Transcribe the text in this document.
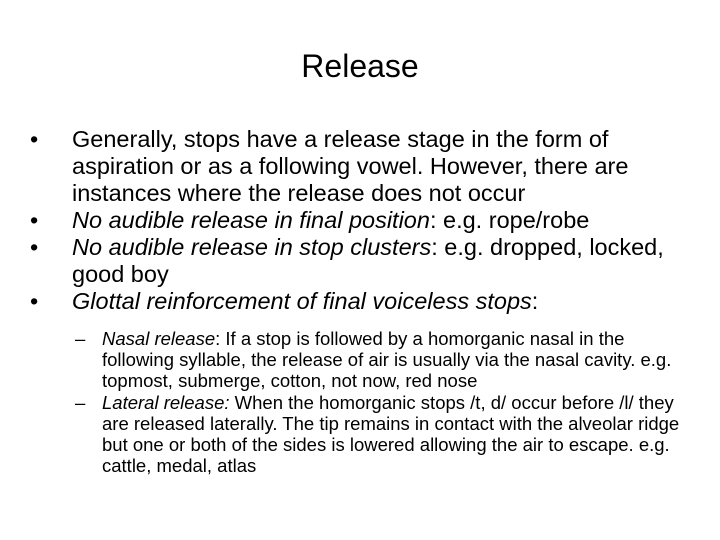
Release
• Generally, stops have a release stage in the form of aspiration or as a following vowel. However, there are instances where the release does not occur
• No audible release in final position: e.g. rope/robe
• No audible release in stop clusters: e.g. dropped, locked, good boy
• Glottal reinforcement of final voiceless stops:
– Nasal release: If a stop is followed by a homorganic nasal in the following syllable, the release of air is usually via the nasal cavity. e.g. topmost, submerge, cotton, not now, red nose
– Lateral release: When the homorganic stops /t, d/ occur before /l/ they are released laterally. The tip remains in contact with the alveolar ridge but one or both of the sides is lowered allowing the air to escape. e.g. cattle, medal, atlas
